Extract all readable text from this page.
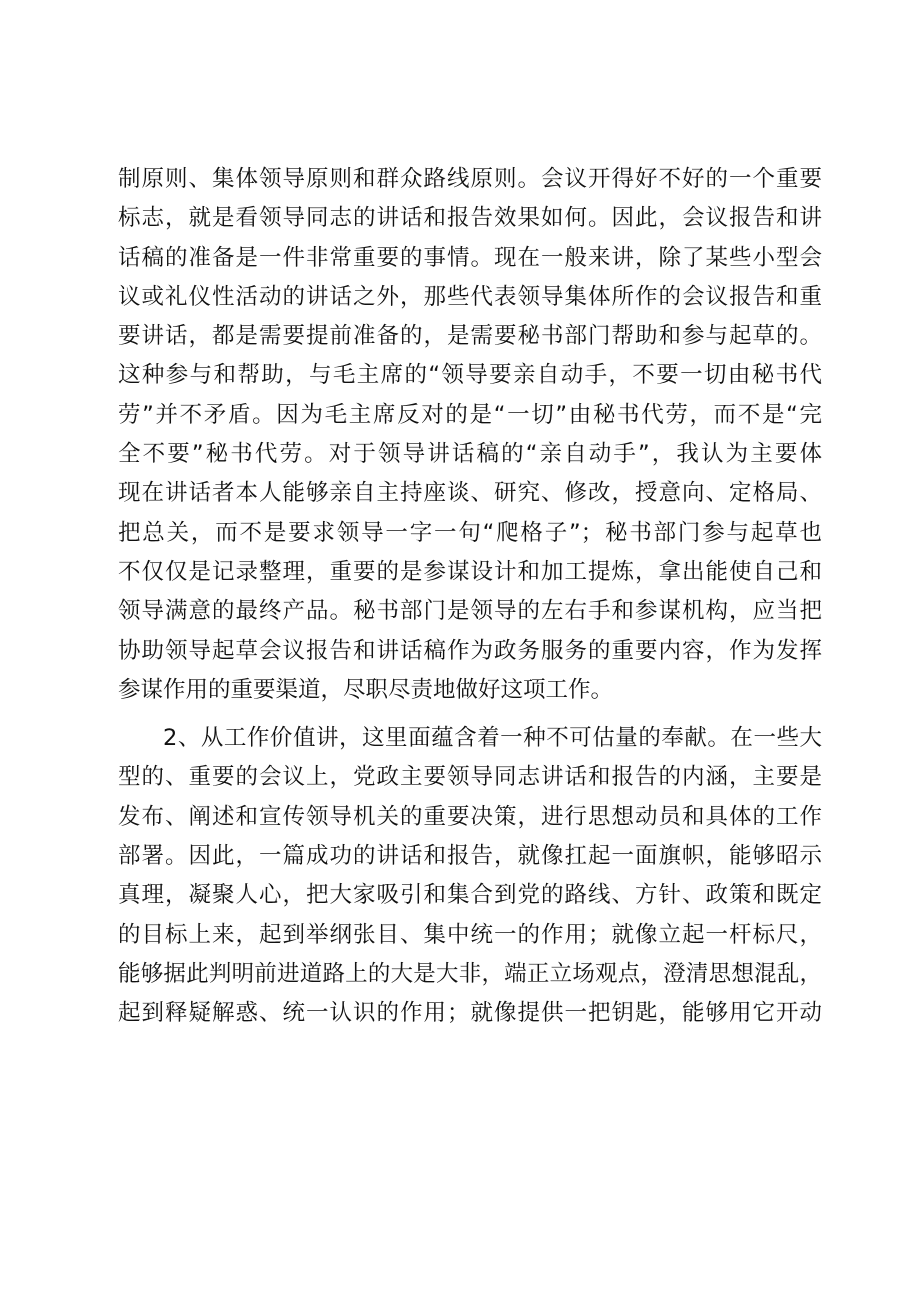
制原则、集体领导原则和群众路线原则。会议开得好不好的一个重要
标志，就是看领导同志的讲话和报告效果如何。因此，会议报告和讲
话稿的准备是一件非常重要的事情。现在一般来讲，除了某些小型会
议或礼仪性活动的讲话之外，那些代表领导集体所作的会议报告和重
要讲话，都是需要提前准备的，是需要秘书部门帮助和参与起草的。
这种参与和帮助，与毛主席的“领导要亲自动手，不要一切由秘书代
劳”并不矛盾。因为毛主席反对的是“一切”由秘书代劳，而不是“完
全不要”秘书代劳。对于领导讲话稿的“亲自动手”，我认为主要体
现在讲话者本人能够亲自主持座谈、研究、修改，授意向、定格局、
把总关，而不是要求领导一字一句“爬格子”；秘书部门参与起草也
不仅仅是记录整理，重要的是参谋设计和加工提炼，拿出能使自己和
领导满意的最终产品。秘书部门是领导的左右手和参谋机构，应当把
协助领导起草会议报告和讲话稿作为政务服务的重要内容，作为发挥
参谋作用的重要渠道，尽职尽责地做好这项工作。
2、从工作价值讲，这里面蕴含着一种不可估量的奉献。在一些大
型的、重要的会议上，党政主要领导同志讲话和报告的内涵，主要是
发布、阐述和宣传领导机关的重要决策，进行思想动员和具体的工作
部署。因此，一篇成功的讲话和报告，就像扛起一面旗帜，能够昭示
真理，凝聚人心，把大家吸引和集合到党的路线、方针、政策和既定
的目标上来，起到举纲张目、集中统一的作用；就像立起一杆标尺，
能够据此判明前进道路上的大是大非，端正立场观点，澄清思想混乱，
起到释疑解惑、统一认识的作用；就像提供一把钥匙，能够用它开动
